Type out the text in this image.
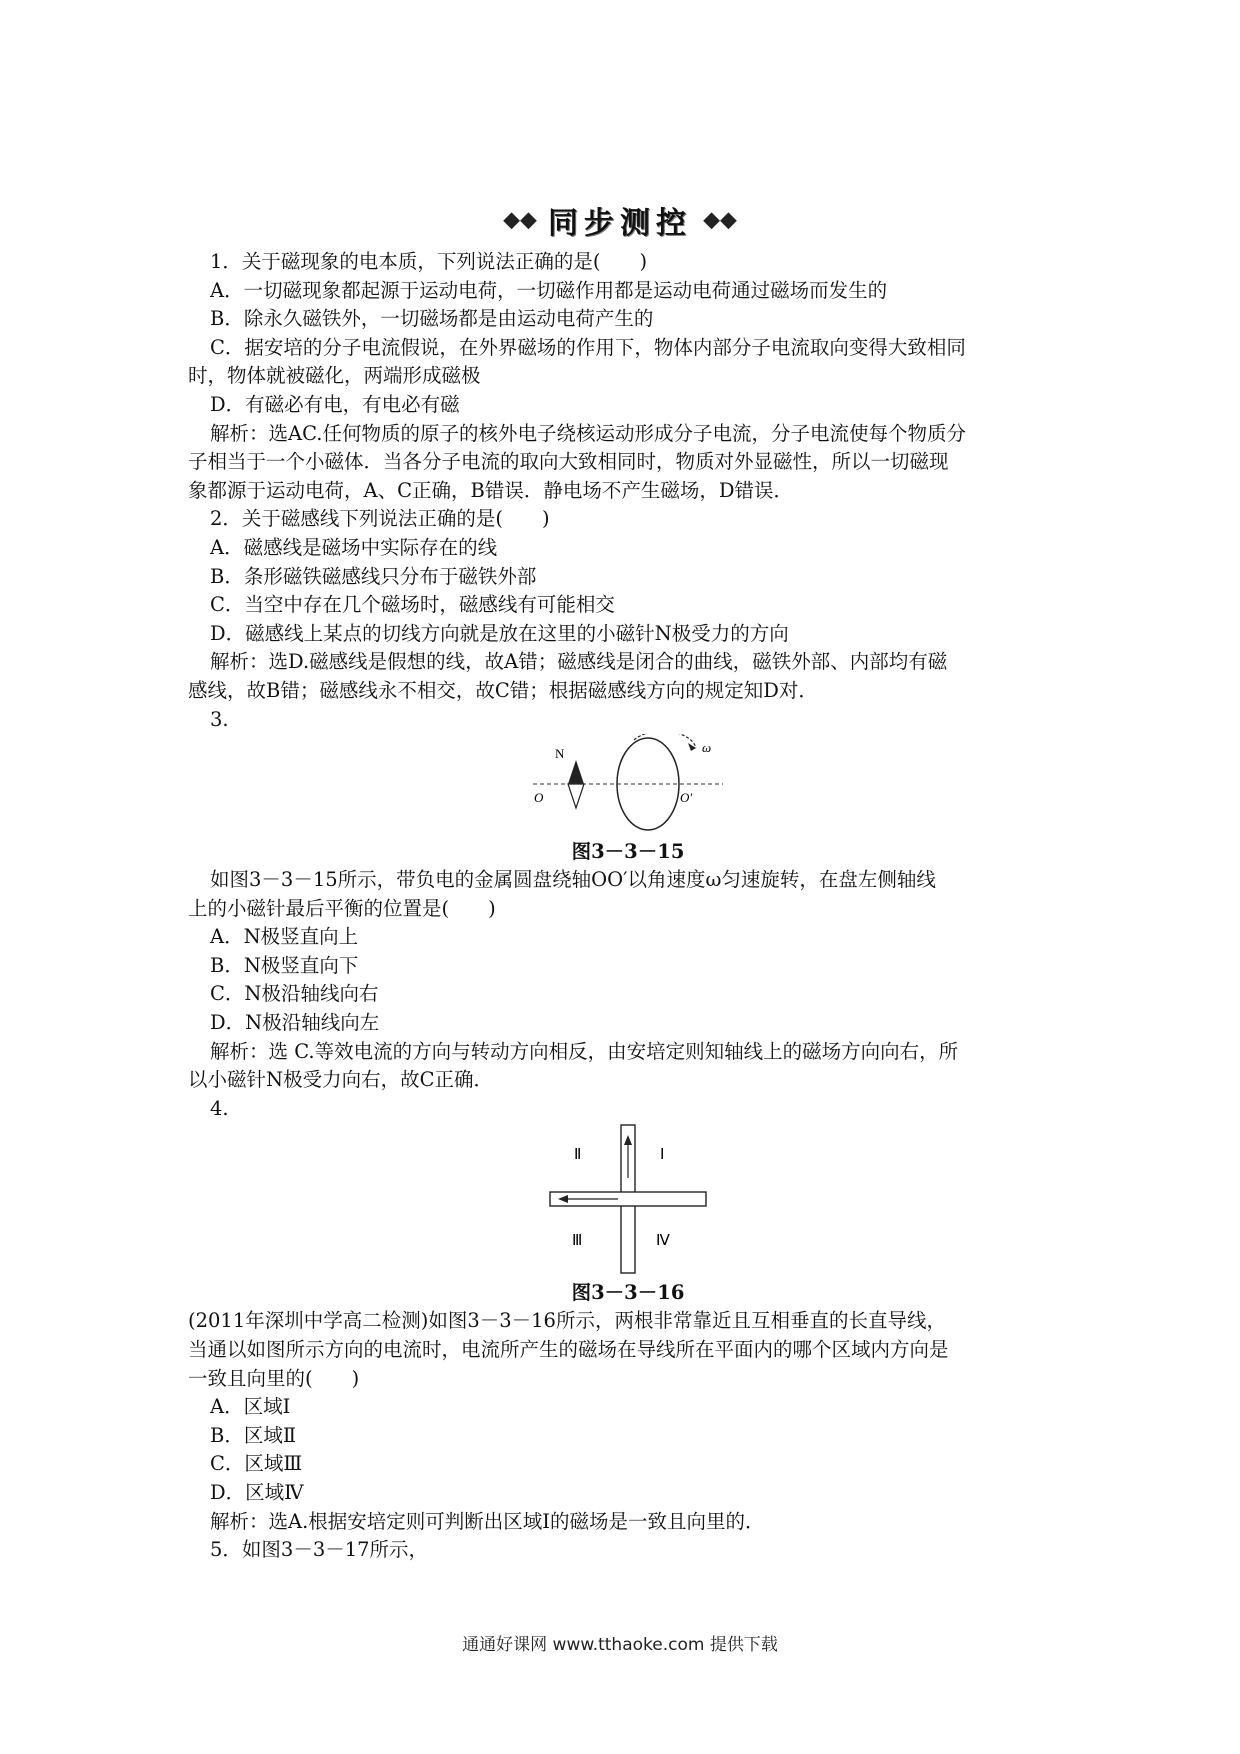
◆◆ 同步测控 ◆◆
1．关于磁现象的电本质，下列说法正确的是(　　)
A．一切磁现象都起源于运动电荷，一切磁作用都是运动电荷通过磁场而发生的
B．除永久磁铁外，一切磁场都是由运动电荷产生的
C．据安培的分子电流假说，在外界磁场的作用下，物体内部分子电流取向变得大致相同
时，物体就被磁化，两端形成磁极
D．有磁必有电，有电必有磁
解析：选AC.任何物质的原子的核外电子绕核运动形成分子电流，分子电流使每个物质分
子相当于一个小磁体．当各分子电流的取向大致相同时，物质对外显磁性，所以一切磁现
象都源于运动电荷，A、C正确，B错误．静电场不产生磁场，D错误．
2．关于磁感线下列说法正确的是(　　)
A．磁感线是磁场中实际存在的线
B．条形磁铁磁感线只分布于磁铁外部
C．当空中存在几个磁场时，磁感线有可能相交
D．磁感线上某点的切线方向就是放在这里的小磁针N极受力的方向
解析：选D.磁感线是假想的线，故A错；磁感线是闭合的曲线，磁铁外部、内部均有磁
感线，故B错；磁感线永不相交，故C错；根据磁感线方向的规定知D对．
3.
N
O	O′
ω
图3－3－15
如图3－3－15所示，带负电的金属圆盘绕轴OO′以角速度ω匀速旋转，在盘左侧轴线
上的小磁针最后平衡的位置是(　　)
A．N极竖直向上
B．N极竖直向下
C．N极沿轴线向右
D．N极沿轴线向左
解析：选 C.等效电流的方向与转动方向相反，由安培定则知轴线上的磁场方向向右，所
以小磁针N极受力向右，故C正确．
4.
Ⅱ	Ⅰ
Ⅲ	Ⅳ
图3－3－16
(2011年深圳中学高二检测)如图3－3－16所示，两根非常靠近且互相垂直的长直导线，
当通以如图所示方向的电流时，电流所产生的磁场在导线所在平面内的哪个区域内方向是
一致且向里的(　　)
A．区域Ⅰ
B．区域Ⅱ
C．区域Ⅲ
D．区域Ⅳ
解析：选A.根据安培定则可判断出区域Ⅰ的磁场是一致且向里的．
5．如图3－3－17所示，
通通好课网 www.tthaoke.com 提供下载
